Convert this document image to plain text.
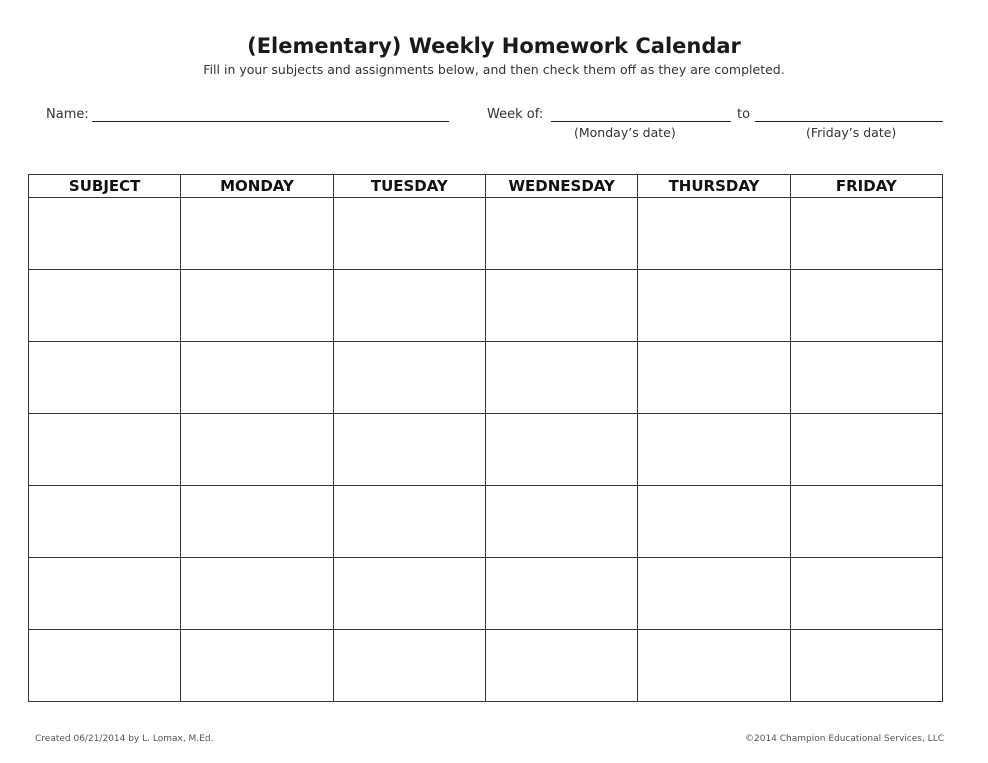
(Elementary) Weekly Homework Calendar
Fill in your subjects and assignments below, and then check them off as they are completed.
Name:	Week of:	to
(Monday’s date)	(Friday’s date)
SUBJECT	MONDAY	TUESDAY	WEDNESDAY	THURSDAY	FRIDAY

Created 06/21/2014 by L. Lomax, M.Ed.	©2014 Champion Educational Services, LLC
